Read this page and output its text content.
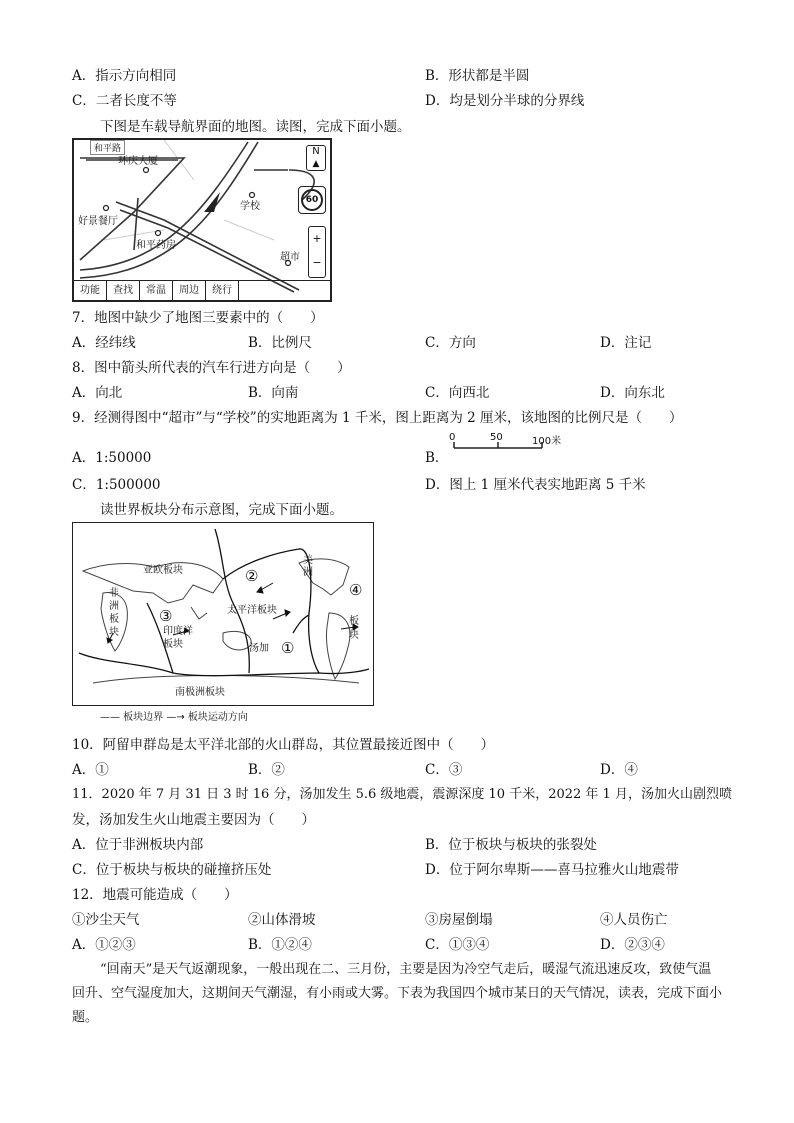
A．指示方向相同	B．形状都是半圆
C．二者长度不等	D．均是划分半球的分界线
下图是车载导航界面的地图。读图，完成下面小题。
和平路
环庆大厦
学校
好景餐厅
和平药房
超市
N
▲
60
+
−
功能	查找	常温	周边	绕行
7．地图中缺少了地图三要素中的（　　）
A．经纬线	B．比例尺	C．方向	D．注记
8．图中箭头所代表的汽车行进方向是（　　）
A．向北	B．向南	C．向西北	D．向东北
9．经测得图中“超市”与“学校”的实地距离为 1 千米，图上距离为 2 厘米，该地图的比例尺是（　　）
A．1:50000	B．
0	50	100米
C．1:500000	D．图上 1 厘米代表实地距离 5 千米
读世界板块分布示意图，完成下面小题。
亚欧板块
非洲板块	印度洋板块
太平洋板块
美洲
板块
南极洲板块
汤加 ①
②
③
④
—— 板块边界 —→ 板块运动方向
10．阿留申群岛是太平洋北部的火山群岛，其位置最接近图中（　　）
A．①	B．②	C．③	D．④
11．2020 年 7 月 31 日 3 时 16 分，汤加发生 5.6 级地震，震源深度 10 千米，2022 年 1 月，汤加火山剧烈喷
发，汤加发生火山地震主要因为（　　）
A．位于非洲板块内部	B．位于板块与板块的张裂处
C．位于板块与板块的碰撞挤压处	D．位于阿尔卑斯——喜马拉雅火山地震带
12．地震可能造成（　　）
①沙尘天气	②山体滑坡	③房屋倒塌	④人员伤亡
A．①②③	B．①②④	C．①③④	D．②③④
“回南天”是天气返潮现象，一般出现在二、三月份，主要是因为冷空气走后，暖湿气流迅速反攻，致使气温回升、空气湿度加大，这期间天气潮湿，有小雨或大雾。下表为我国四个城市某日的天气情况，读表，完成下面小题。
